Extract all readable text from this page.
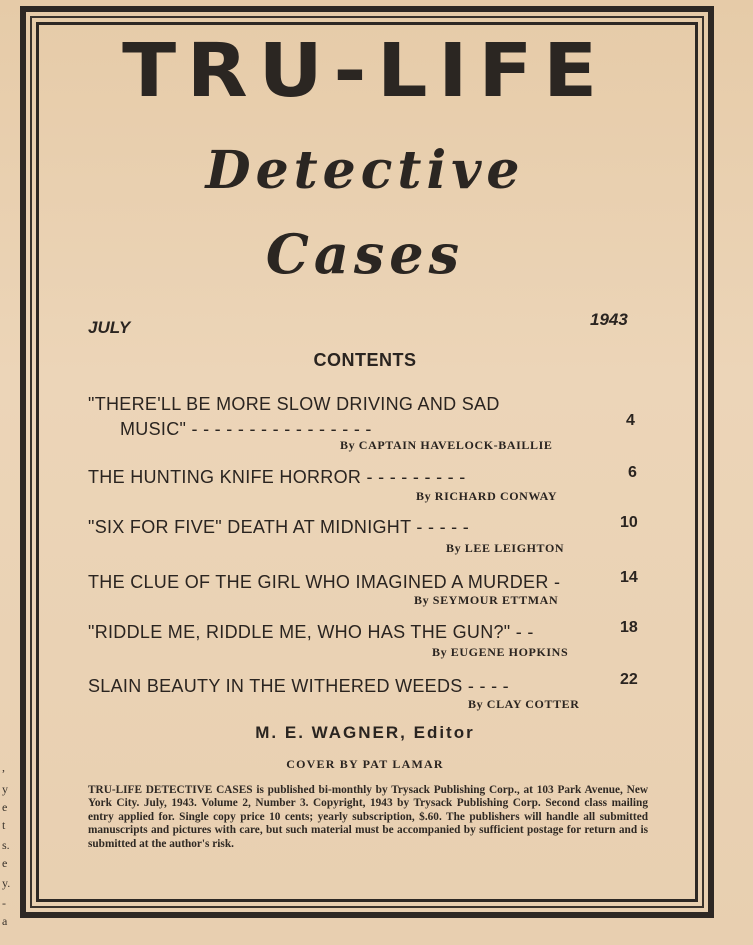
,
y
e
t
s.
e
y.
-
a
TRU-LIFE
Detective
Cases
JULY	1943
CONTENTS
"THERE'LL BE MORE SLOW DRIVING AND SAD
MUSIC" - - - - - - - - - - - - - - - -	4
By CAPTAIN HAVELOCK-BAILLIE
THE HUNTING KNIFE HORROR - - - - - - - - -	6
By RICHARD CONWAY
"SIX FOR FIVE" DEATH AT MIDNIGHT - - - - -	10
By LEE LEIGHTON
THE CLUE OF THE GIRL WHO IMAGINED A MURDER -	14
By SEYMOUR ETTMAN
"RIDDLE ME, RIDDLE ME, WHO HAS THE GUN?" - -	18
By EUGENE HOPKINS
SLAIN BEAUTY IN THE WITHERED WEEDS - - - -	22
By CLAY COTTER
M. E. WAGNER, Editor
COVER BY PAT LAMAR
TRU-LIFE DETECTIVE CASES is published bi-monthly by Trysack Publishing Corp., at 103 Park Avenue, New York City. July, 1943. Volume 2, Number 3. Copyright, 1943 by Trysack Publishing Corp. Second class mailing entry applied for. Single copy price 10 cents; yearly subscription, $.60. The publishers will handle all submitted manuscripts and pictures with care, but such material must be accompanied by sufficient postage for return and is submitted at the author's risk.
